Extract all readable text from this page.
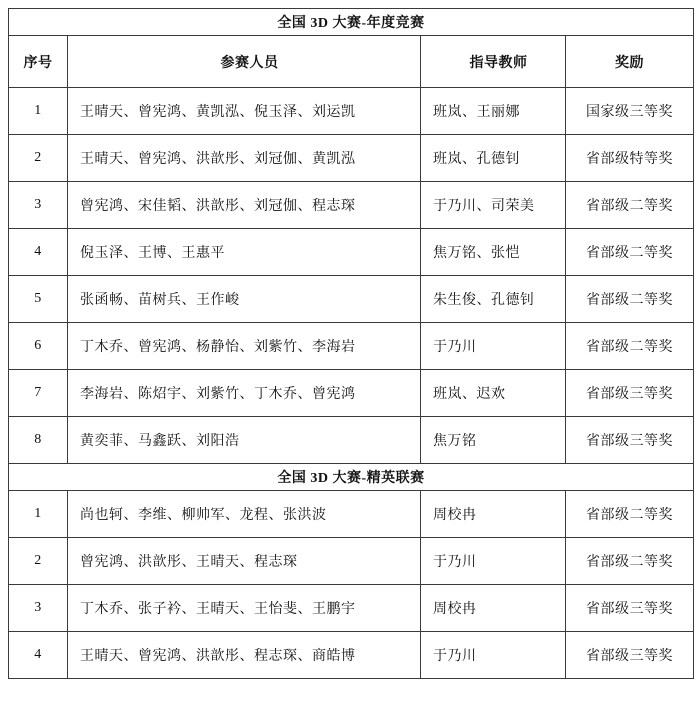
全国 3D 大赛-年度竞赛			
序号	参赛人员	指导教师	奖励
1	王晴天、曾宪鸿、黄凯泓、倪玉泽、刘运凯	班岚、王丽娜	国家级三等奖
2	王晴天、曾宪鸿、洪歆彤、刘冠伽、黄凯泓	班岚、孔德钊	省部级特等奖
3	曾宪鸿、宋佳韬、洪歆彤、刘冠伽、程志琛	于乃川、司荣美	省部级二等奖
4	倪玉泽、王博、王惠平	焦万铭、张恺	省部级二等奖
5	张函畅、苗树兵、王作峻	朱生俊、孔德钊	省部级二等奖
6	丁木乔、曾宪鸿、杨静怡、刘紫竹、李海岩	于乃川	省部级二等奖
7	李海岩、陈炤宇、刘紫竹、丁木乔、曾宪鸿	班岚、迟欢	省部级三等奖
8	黄奕菲、马鑫跃、刘阳浩	焦万铭	省部级三等奖
全国 3D 大赛-精英联赛			
1	尚也轲、李维、柳帅军、龙程、张洪波	周校冉	省部级二等奖
2	曾宪鸿、洪歆彤、王晴天、程志琛	于乃川	省部级二等奖
3	丁木乔、张子衿、王晴天、王怡斐、王鹏宇	周校冉	省部级三等奖
4	王晴天、曾宪鸿、洪歆彤、程志琛、商皓博	于乃川	省部级三等奖
